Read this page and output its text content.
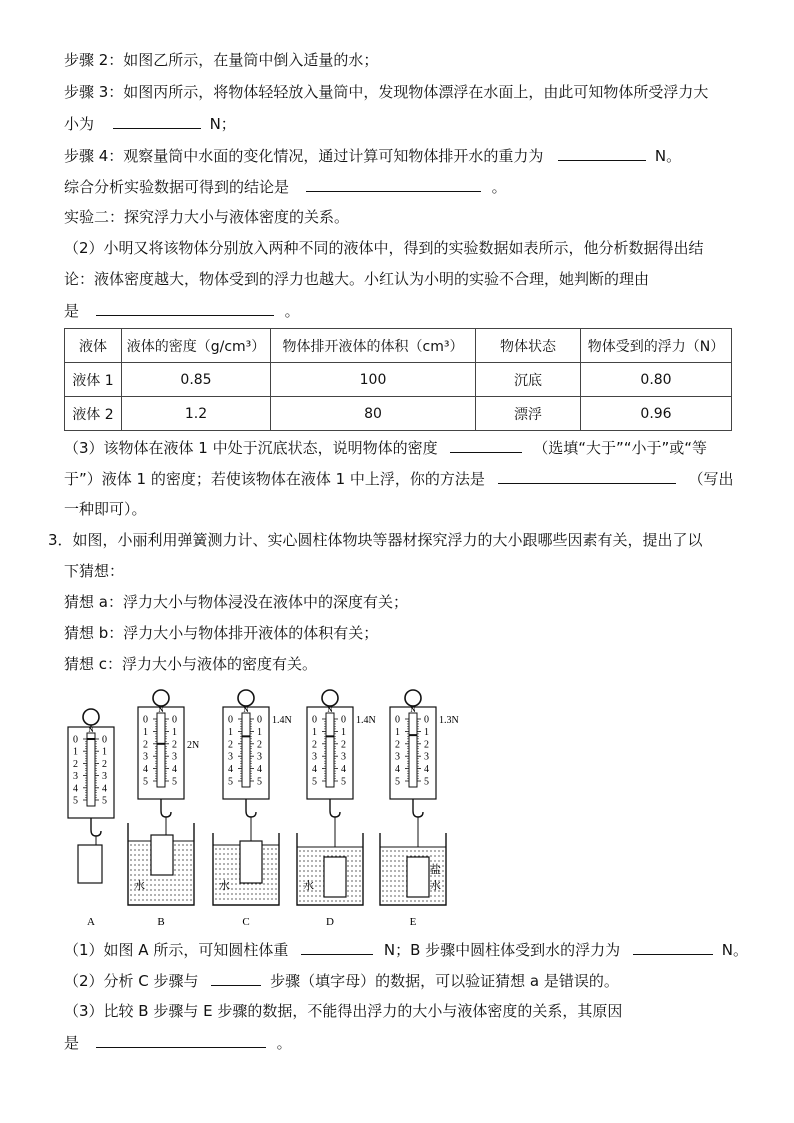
步骤 2：如图乙所示，在量筒中倒入适量的水；
步骤 3：如图丙所示，将物体轻轻放入量筒中，发现物体漂浮在水面上，由此可知物体所受浮力大
小为	N；
步骤 4：观察量筒中水面的变化情况，通过计算可知物体排开水的重力为	N。
综合分析实验数据可得到的结论是	。
实验二：探究浮力大小与液体密度的关系。
（2）小明又将该物体分别放入两种不同的液体中，得到的实验数据如表所示，他分析数据得出结
论：液体密度越大，物体受到的浮力也越大。小红认为小明的实验不合理，她判断的理由
是	。
液体	液体的密度（g/cm³）	物体排开液体的体积（cm³）	物体状态	物体受到的浮力（N）
液体 1	0.85	100	沉底	0.80
液体 2	1.2	80	漂浮	0.96
（3）该物体在液体 1 中处于沉底状态，说明物体的密度	（选填“大于”“小于”或“等
于”）液体 1 的密度；若使该物体在液体 1 中上浮，你的方法是	（写出
一种即可）。
3．如图，小丽利用弹簧测力计、实心圆柱体物块等器材探究浮力的大小跟哪些因素有关，提出了以
下猜想：
猜想 a：浮力大小与物体浸没在液体中的深度有关；
猜想 b：浮力大小与物体排开液体的体积有关；
猜想 c：浮力大小与液体的密度有关。
N
0 0
1 1
2 2
3 3
4 4
5 5
A
N
0 0
1 1
2 2
3 3
4 4
5 5
2N
水
B
N
0 0
1 1
2 2
3 3
4 4
5 5
1.4N
水
C
N
0 0
1 1
2 2
3 3
4 4
5 5
1.4N
水
D
N
0 0
1 1
2 2
3 3
4 4
5 5
1.3N
盐
水
E
（1）如图 A 所示，可知圆柱体重	N；B 步骤中圆柱体受到水的浮力为	N。
（2）分析 C 步骤与	步骤（填字母）的数据，可以验证猜想 a 是错误的。
（3）比较 B 步骤与 E 步骤的数据，不能得出浮力的大小与液体密度的关系，其原因
是	。
